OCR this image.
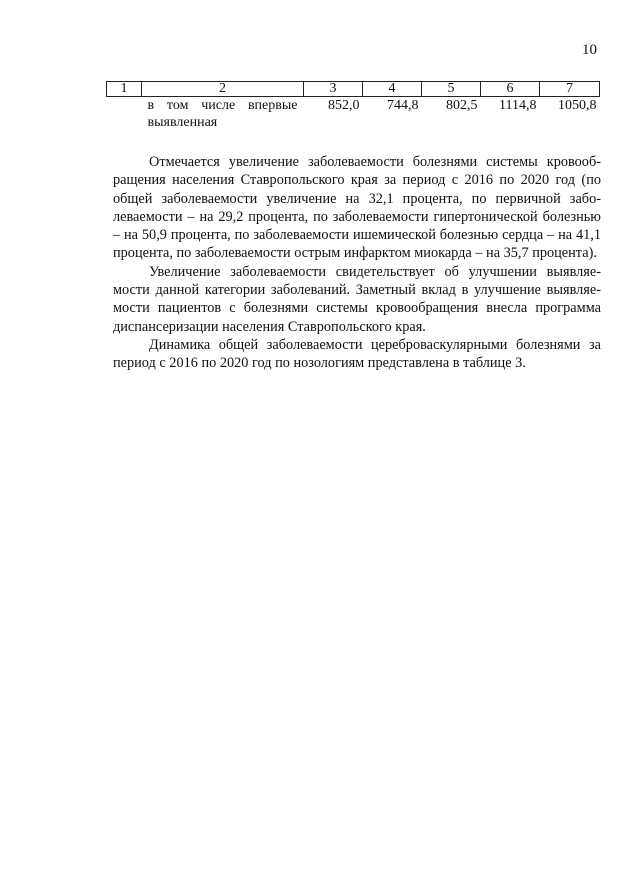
10
1	2	3	4	5	6	7
	в том числе впервые выявленная	852,0	744,8	802,5	1114,8	1050,8

Отмечается увеличение заболеваемости болезнями системы кровообращения населения Ставропольского края за период с 2016 по 2020 год (по общей заболеваемости увеличение на 32,1 процента, по первичной заболеваемости – на 29,2 процента, по заболеваемости гипертонической болезнью – на 50,9 процента, по заболеваемости ишемической болезнью сердца – на 41,1 процента, по заболеваемости острым инфарктом миокарда – на 35,7 процента).

Увеличение заболеваемости свидетельствует об улучшении выявляемости данной категории заболеваний. Заметный вклад в улучшение выявляемости пациентов с болезнями системы кровообращения внесла программа диспансеризации населения Ставропольского края.

Динамика общей заболеваемости цереброваскулярными болезнями за период с 2016 по 2020 год по нозологиям представлена в таблице 3.
